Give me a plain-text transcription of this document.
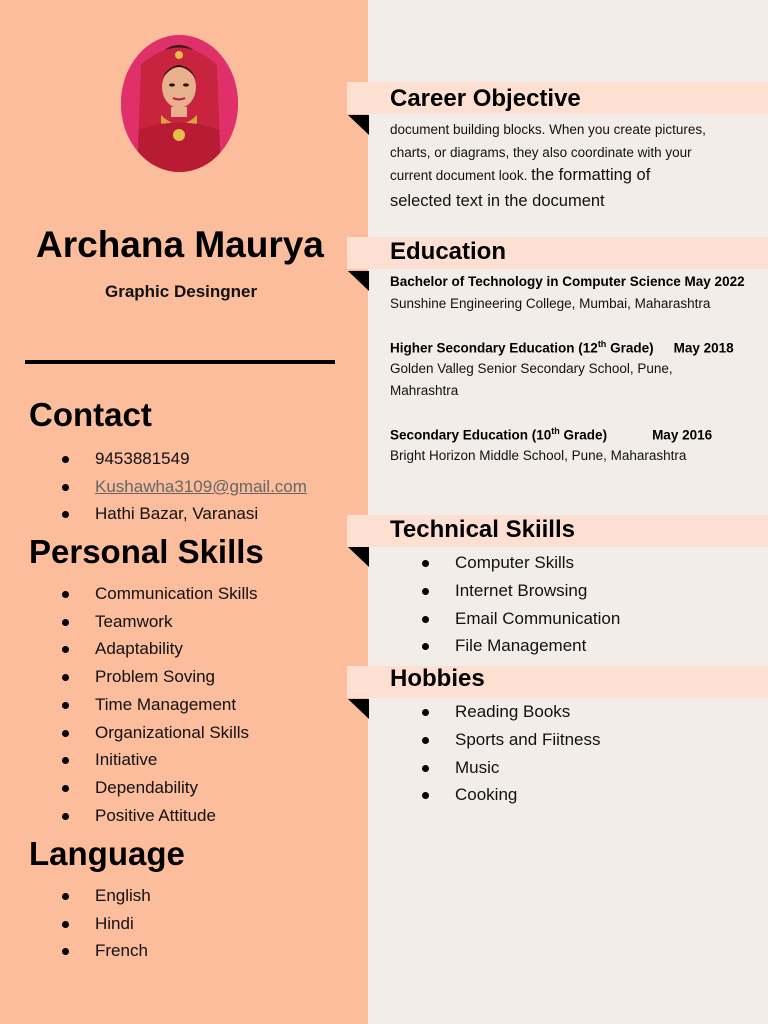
Archana Maurya
Graphic Desingner
Contact
9453881549
Kushawha3109@gmail.com
Hathi Bazar, Varanasi
Personal Skills
Communication Skills
Teamwork
Adaptability
Problem Soving
Time Management
Organizational Skills
Initiative
Dependability
Positive Attitude
Language
English
Hindi
French
Career Objective
document building blocks. When you create pictures,
charts, or diagrams, they also coordinate with your
current document look. the formatting of
selected text in the document
Education
Bachelor of Technology in Computer Science May 2022
Sunshine Engineering College, Mumbai, Maharashtra
Higher Secondary Education (12th Grade) May 2018
Golden Valleg Senior Secondary School, Pune,
Mahrashtra
Secondary Education (10th Grade)	May 2016
Bright Horizon Middle School, Pune, Maharashtra
Technical Skiills
Computer Skills
Internet Browsing
Email Communication
File Management
Hobbies
Reading Books
Sports and Fiitness
Music
Cooking
